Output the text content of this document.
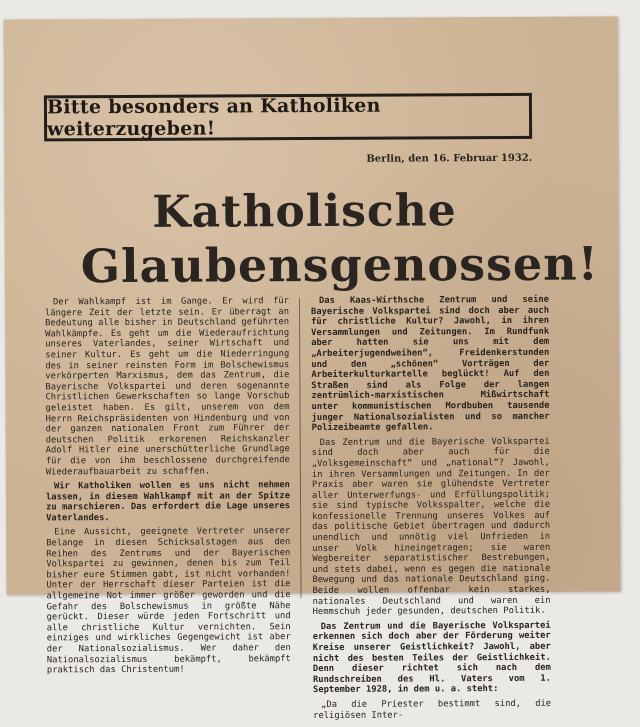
Bitte besonders an Katholiken weiterzugeben!
Berlin, den 16. Februar 1932.
Katholische
Glaubensgenossen!

Der Wahlkampf ist im Gange. Er wird für längere Zeit der letzte sein. Er überragt an Bedeutung alle bisher in Deutschland geführten Wahlkämpfe. Es geht um die Wiederaufrichtung unseres Vaterlandes, seiner Wirtschaft und seiner Kultur. Es geht um die Niederringung des in seiner reinsten Form im Bolschewismus verkörperten Marxismus, dem das Zentrum, die Bayerische Volkspartei und deren sogenannte Christlichen Gewerkschaften so lange Vorschub geleistet haben. Es gilt, unserem von dem Herrn Reichspräsidenten von Hindenburg und von der ganzen nationalen Front zum Führer der deutschen Politik erkorenen Reichskanzler Adolf Hitler eine unerschütterliche Grundlage für die von ihm beschlossene durchgreifende Wiederaufbauarbeit zu schaffen.

Wir Katholiken wollen es uns nicht nehmen lassen, in diesem Wahlkampf mit an der Spitze zu marschieren. Das erfordert die Lage unseres Vaterlandes.

Eine Aussicht, geeignete Vertreter unserer Belange in diesen Schicksalstagen aus den Reihen des Zentrums und der Bayerischen Volkspartei zu gewinnen, denen bis zum Teil bisher eure Stimmen gabt, ist nicht vorhanden! Unter der Herrschaft dieser Parteien ist die allgemeine Not immer größer geworden und die Gefahr des Bolschewismus in größte Nähe gerückt. Dieser würde jeden Fortschritt und alle christliche Kultur vernichten. Sein einziges und wirkliches Gegengewicht ist aber der Nationalsozialismus. Wer daher den Nationalsozialismus bekämpft, bekämpft praktisch das Christentum!

Das Kaas-Wirthsche Zentrum und seine Bayerische Volkspartei sind doch aber auch für christliche Kultur? Jawohl, in ihren Versammlungen und Zeitungen. Im Rundfunk aber hatten sie uns mit dem „Arbeiterjugendweihen“, Freidenkerstunden und den „schönen“ Vorträgen der Arbeiterkulturkartelle beglückt! Auf den Straßen sind als Folge der langen zentrümlich-marxistischen Mißwirtschaft unter kommunistischen Mordbuben tausende junger Nationalsozialisten und so mancher Polizeibeamte gefallen.

Das Zentrum und die Bayerische Volkspartei sind doch aber auch für die „Volksgemeinschaft“ und „national“? Jawohl, in ihren Versammlungen und Zeitungen. In der Praxis aber waren sie glühendste Vertreter aller Unterwerfungs- und Erfüllungspolitik; sie sind typische Volksspalter, welche die konfessionelle Trennung unseres Volkes auf das politische Gebiet übertragen und dadurch unendlich und unnötig viel Unfrieden in unser Volk hineingetragen; sie waren Wegbereiter separatistischer Bestrebungen, und stets dabei, wenn es gegen die nationale Bewegung und das nationale Deutschland ging. Beide wollen offenbar kein starkes, nationales Deutschland und waren ein Hemmschuh jeder gesunden, deutschen Politik.

Das Zentrum und die Bayerische Volkspartei erkennen sich doch aber der Förderung weiter Kreise unserer Geistlichkeit? Jawohl, aber nicht des besten Teiles der Geistlichkeit. Denn dieser richtet sich nach dem Rundschreiben des Hl. Vaters vom 1. September 1928, in dem u. a. steht:

„Da die Priester bestimmt sind, die religiösen Inter-
